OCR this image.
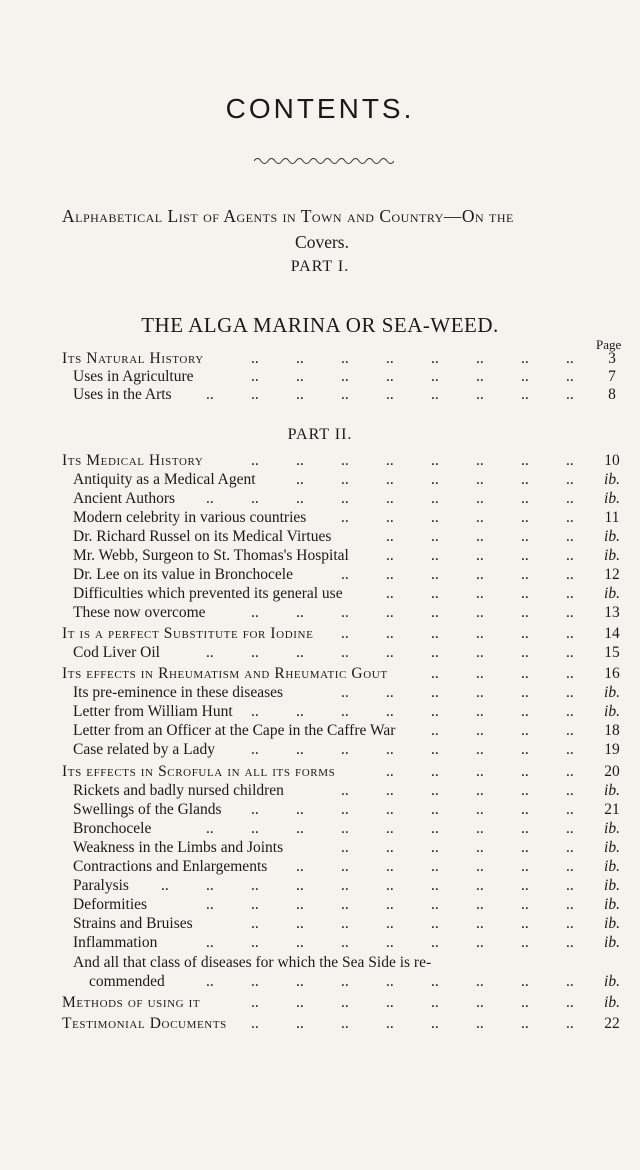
CONTENTS.
Alphabetical List of Agents in Town and Country—On the
Covers.
PART I.
THE ALGA MARINA OR SEA-WEED.
Page
Its Natural History	.. .. .. .. .. .. .. ..	3
Uses in Agriculture	.. .. .. .. .. .. .. ..	7
Uses in the Arts .. .. .. .. .. .. .. .. ..	8
PART II.
Its Medical History	.. .. .. .. .. .. .. .. 10
Antiquity as a Medical Agent	.. .. .. .. .. .. .. ib.
Ancient Authors .. .. .. .. .. .. .. .. .. ib.
Modern celebrity in various countries .. .. .. .. .. .. 11
Dr. Richard Russel on its Medical Virtues	.. .. .. .. .. ib.
Mr. Webb, Surgeon to St. Thomas's Hospital .. .. .. .. .. ib.
Dr. Lee on its value in Bronchocele	.. .. .. .. .. .. 12
Difficulties which prevented its general use	.. .. .. .. .. ib.
These now overcome	.. .. .. .. .. .. .. .. 13
It is a perfect Substitute for Iodine .. .. .. .. .. .. 14
Cod Liver Oil	.. .. .. .. .. .. .. .. .. 15
Its effects in Rheumatism and Rheumatic Gout	.. .. .. .. 16
Its pre-eminence in these diseases	.. .. .. .. .. .. ib.
Letter from William Hunt .. .. .. .. .. .. .. .. ib.
Letter from an Officer at the Cape in the Caffre War .. .. .. .. 18
Case related by a Lady .. .. .. .. .. .. .. .. 19
Its effects in Scrofula in all its forms	.. .. .. .. .. 20
Rickets and badly nursed children	.. .. .. .. .. .. ib.
Swellings of the Glands .. .. .. .. .. .. .. .. 21
Bronchocele	.. .. .. .. .. .. .. .. .. ib.
Weakness in the Limbs and Joints	.. .. .. .. .. .. ib.
Contractions and Enlargements .. .. .. .. .. .. .. ib.
Paralysis .. .. .. .. .. .. .. .. .. .. ib.
Deformities	.. .. .. .. .. .. .. .. .. ib.
Strains and Bruises	.. .. .. .. .. .. .. .. ib.
Inflammation	.. .. .. .. .. .. .. .. .. ib.
And all that class of diseases for which the Sea Side is re-
commended	.. .. .. .. .. .. .. .. .. ib.
Methods of using it	.. .. .. .. .. .. .. .. ib.
Testimonial Documents .. .. .. .. .. .. .. .. 22
